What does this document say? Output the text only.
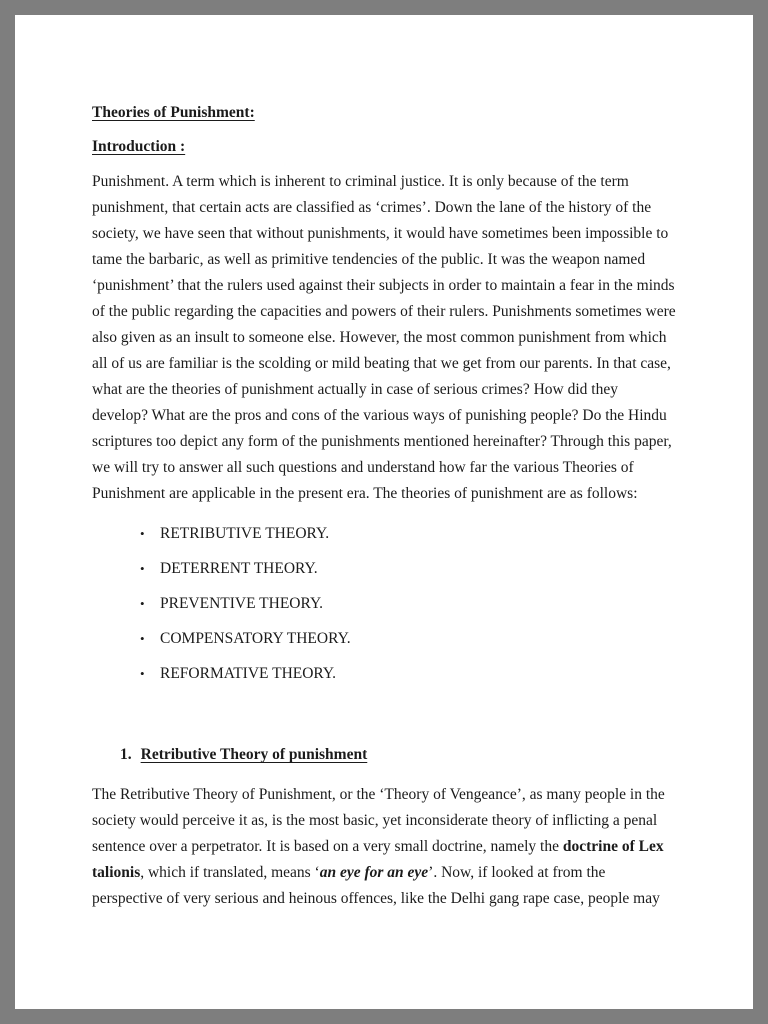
Theories of Punishment:
Introduction :

Punishment. A term which is inherent to criminal justice. It is only because of the term punishment, that certain acts are classified as ‘crimes’. Down the lane of the history of the society, we have seen that without punishments, it would have sometimes been impossible to tame the barbaric, as well as primitive tendencies of the public. It was the weapon named ‘punishment’ that the rulers used against their subjects in order to maintain a fear in the minds of the public regarding the capacities and powers of their rulers. Punishments sometimes were also given as an insult to someone else. However, the most common punishment from which all of us are familiar is the scolding or mild beating that we get from our parents. In that case, what are the theories of punishment actually in case of serious crimes? How did they develop? What are the pros and cons of the various ways of punishing people? Do the Hindu scriptures too depict any form of the punishments mentioned hereinafter? Through this paper, we will try to answer all such questions and understand how far the various Theories of Punishment are applicable in the present era. The theories of punishment are as follows:

• RETRIBUTIVE THEORY.
• DETERRENT THEORY.
• PREVENTIVE THEORY.
• COMPENSATORY THEORY.
• REFORMATIVE THEORY.
1. Retributive Theory of punishment

The Retributive Theory of Punishment, or the ‘Theory of Vengeance’, as many people in the society would perceive it as, is the most basic, yet inconsiderate theory of inflicting a penal sentence over a perpetrator. It is based on a very small doctrine, namely the doctrine of Lex talionis, which if translated, means ‘an eye for an eye’. Now, if looked at from the perspective of very serious and heinous offences, like the Delhi gang rape case, people may
